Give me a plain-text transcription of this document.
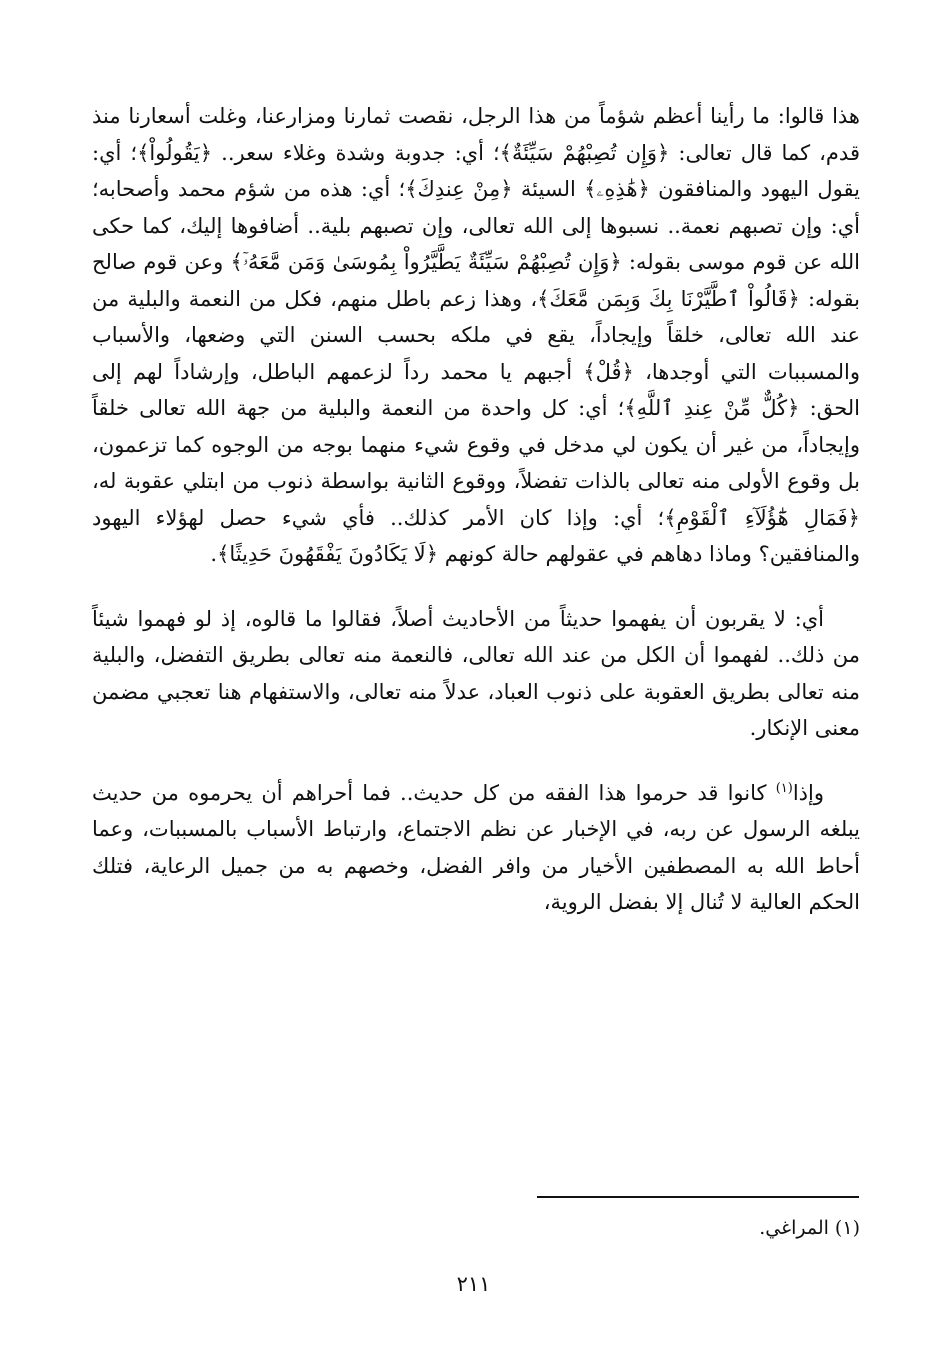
هذا قالوا: ما رأينا أعظم شؤماً من هذا الرجل، نقصت ثمارنا ومزارعنا، وغلت أسعارنا منذ قدم، كما قال تعالى: ﴿وَإِن تُصِبْهُمْ سَيِّئَةٌ﴾؛ أي: جدوبة وشدة وغلاء سعر.. ﴿يَقُولُواْ﴾؛ أي: يقول اليهود والمنافقون ﴿هَٰذِهِۦ﴾ السيئة ﴿مِنْ عِندِكَ﴾؛ أي: هذه من شؤم محمد وأصحابه؛ أي: وإن تصبهم نعمة.. نسبوها إلى الله تعالى، وإن تصبهم بلية.. أضافوها إليك، كما حكى الله عن قوم موسى بقوله: ﴿وَإِن تُصِبْهُمْ سَيِّئَةٌ يَطَّيَّرُواْ بِمُوسَىٰ وَمَن مَّعَهُۥٓ﴾ وعن قوم صالح بقوله: ﴿قَالُواْ ٱطَّيَّرْنَا بِكَ وَبِمَن مَّعَكَ﴾، وهذا زعم باطل منهم، فكل من النعمة والبلية من عند الله تعالى، خلقاً وإيجاداً، يقع في ملكه بحسب السنن التي وضعها، والأسباب والمسببات التي أوجدها، ﴿قُلْ﴾ أجبهم يا محمد رداً لزعمهم الباطل، وإرشاداً لهم إلى الحق: ﴿كُلٌّ مِّنْ عِندِ ٱللَّهِ﴾؛ أي: كل واحدة من النعمة والبلية من جهة الله تعالى خلقاً وإيجاداً، من غير أن يكون لي مدخل في وقوع شيء منهما بوجه من الوجوه كما تزعمون، بل وقوع الأولى منه تعالى بالذات تفضلاً، ووقوع الثانية بواسطة ذنوب من ابتلي عقوبة له، ﴿فَمَالِ هَٰٓؤُلَآءِ ٱلْقَوْمِ﴾؛ أي: وإذا كان الأمر كذلك.. فأي شيء حصل لهؤلاء اليهود والمنافقين؟ وماذا دهاهم في عقولهم حالة كونهم ﴿لَا يَكَادُونَ يَفْقَهُونَ حَدِيثًا﴾.

أي: لا يقربون أن يفهموا حديثاً من الأحاديث أصلاً، فقالوا ما قالوه، إذ لو فهموا شيئاً من ذلك.. لفهموا أن الكل من عند الله تعالى، فالنعمة منه تعالى بطريق التفضل، والبلية منه تعالى بطريق العقوبة على ذنوب العباد، عدلاً منه تعالى، والاستفهام هنا تعجبي مضمن معنى الإنكار.

وإذا$^{(١)}$ كانوا قد حرموا هذا الفقه من كل حديث.. فما أحراهم أن يحرموه من حديث يبلغه الرسول عن ربه، في الإخبار عن نظم الاجتماع، وارتباط الأسباب بالمسببات، وعما أحاط الله به المصطفين الأخيار من وافر الفضل، وخصهم به من جميل الرعاية، فتلك الحكم العالية لا تُنال إلا بفضل الروية،

(١) المراغي.
٢١١
